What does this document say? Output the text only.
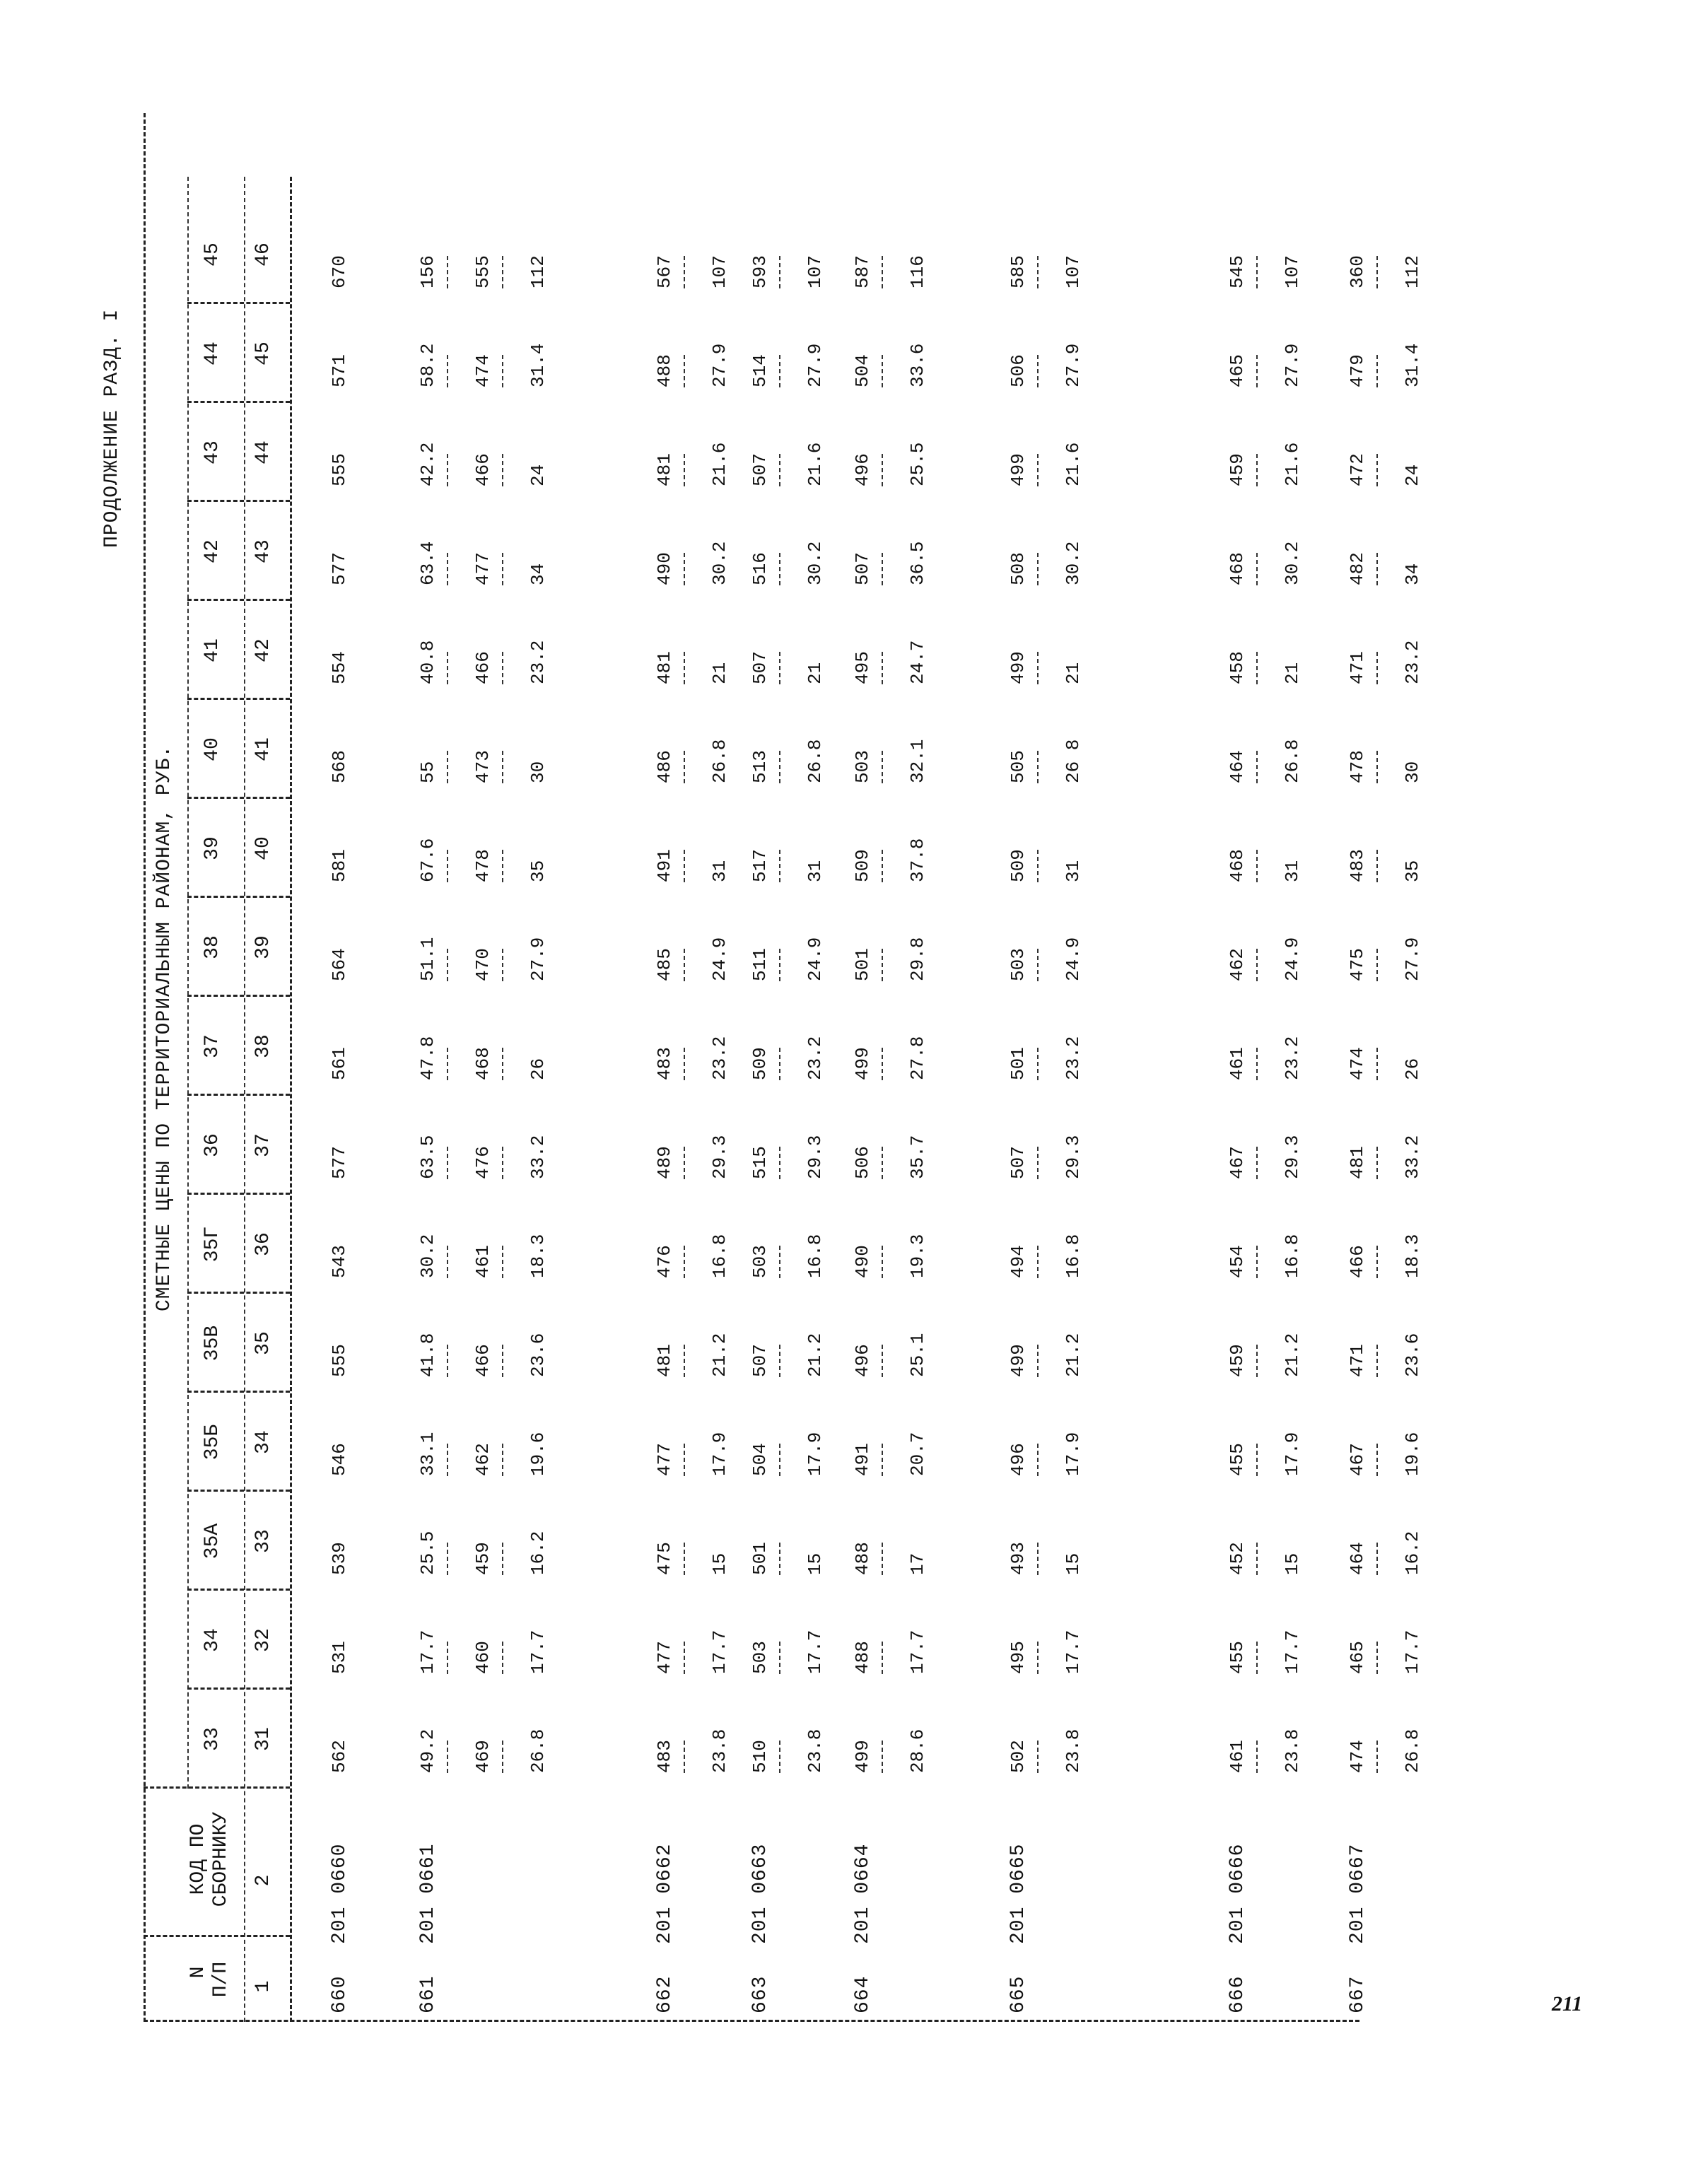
211
ПРОДОЛЖЕНИЕ РАЗД. I
СМЕТНЫЕ ЦЕНЫ ПО ТЕРРИТОРИАЛЬНЫМ РАЙОНАМ, РУБ.
N П/П
КОД ПО СБОРНИКУ
1
2
33 31
34 32
35А 33
35Б 34
35В 35
35Г 36
36 37
37 38
38 39
39 40
40 41
41 42
42 43
43 44
44 45
45 46
660
201 0660
562
531
539
546
555
543
577
561
564
581
568
554
577
555
571
670
661
201 0661
49.2
17.7
25.5
33.1
41.8
30.2
63.5
47.8
51.1
67.6
55
40.8
63.4
42.2
58.2
156
469
460
459
462
466
461
476
468
470
478
473
466
477
466
474
555
26.8
17.7
16.2
19.6
23.6
18.3
33.2
26
27.9
35
30
23.2
34
24
31.4
112
662
201 0662
483
477
475
477
481
476
489
483
485
491
486
481
490
481
488
567
23.8
17.7
15
17.9
21.2
16.8
29.3
23.2
24.9
31
26.8
21
30.2
21.6
27.9
107
663
201 0663
510
503
501
504
507
503
515
509
511
517
513
507
516
507
514
593
23.8
17.7
15
17.9
21.2
16.8
29.3
23.2
24.9
31
26.8
21
30.2
21.6
27.9
107
664
201 0664
499
488
488
491
496
490
506
499
501
509
503
495
507
496
504
587
28.6
17.7
17
20.7
25.1
19.3
35.7
27.8
29.8
37.8
32.1
24.7
36.5
25.5
33.6
116
665
201 0665
502
495
493
496
499
494
507
501
503
509
505
499
508
499
506
585
23.8
17.7
15
17.9
21.2
16.8
29.3
23.2
24.9
31
26 8
21
30.2
21.6
27.9
107
666
201 0666
461
455
452
455
459
454
467
461
462
468
464
458
468
459
465
545
23.8
17.7
15
17.9
21.2
16.8
29.3
23.2
24.9
31
26.8
21
30.2
21.6
27.9
107
667
201 0667
474
465
464
467
471
466
481
474
475
483
478
471
482
472
479
360
26.8
17.7
16.2
19.6
23.6
18.3
33.2
26
27.9
35
30
23.2
34
24
31.4
112
